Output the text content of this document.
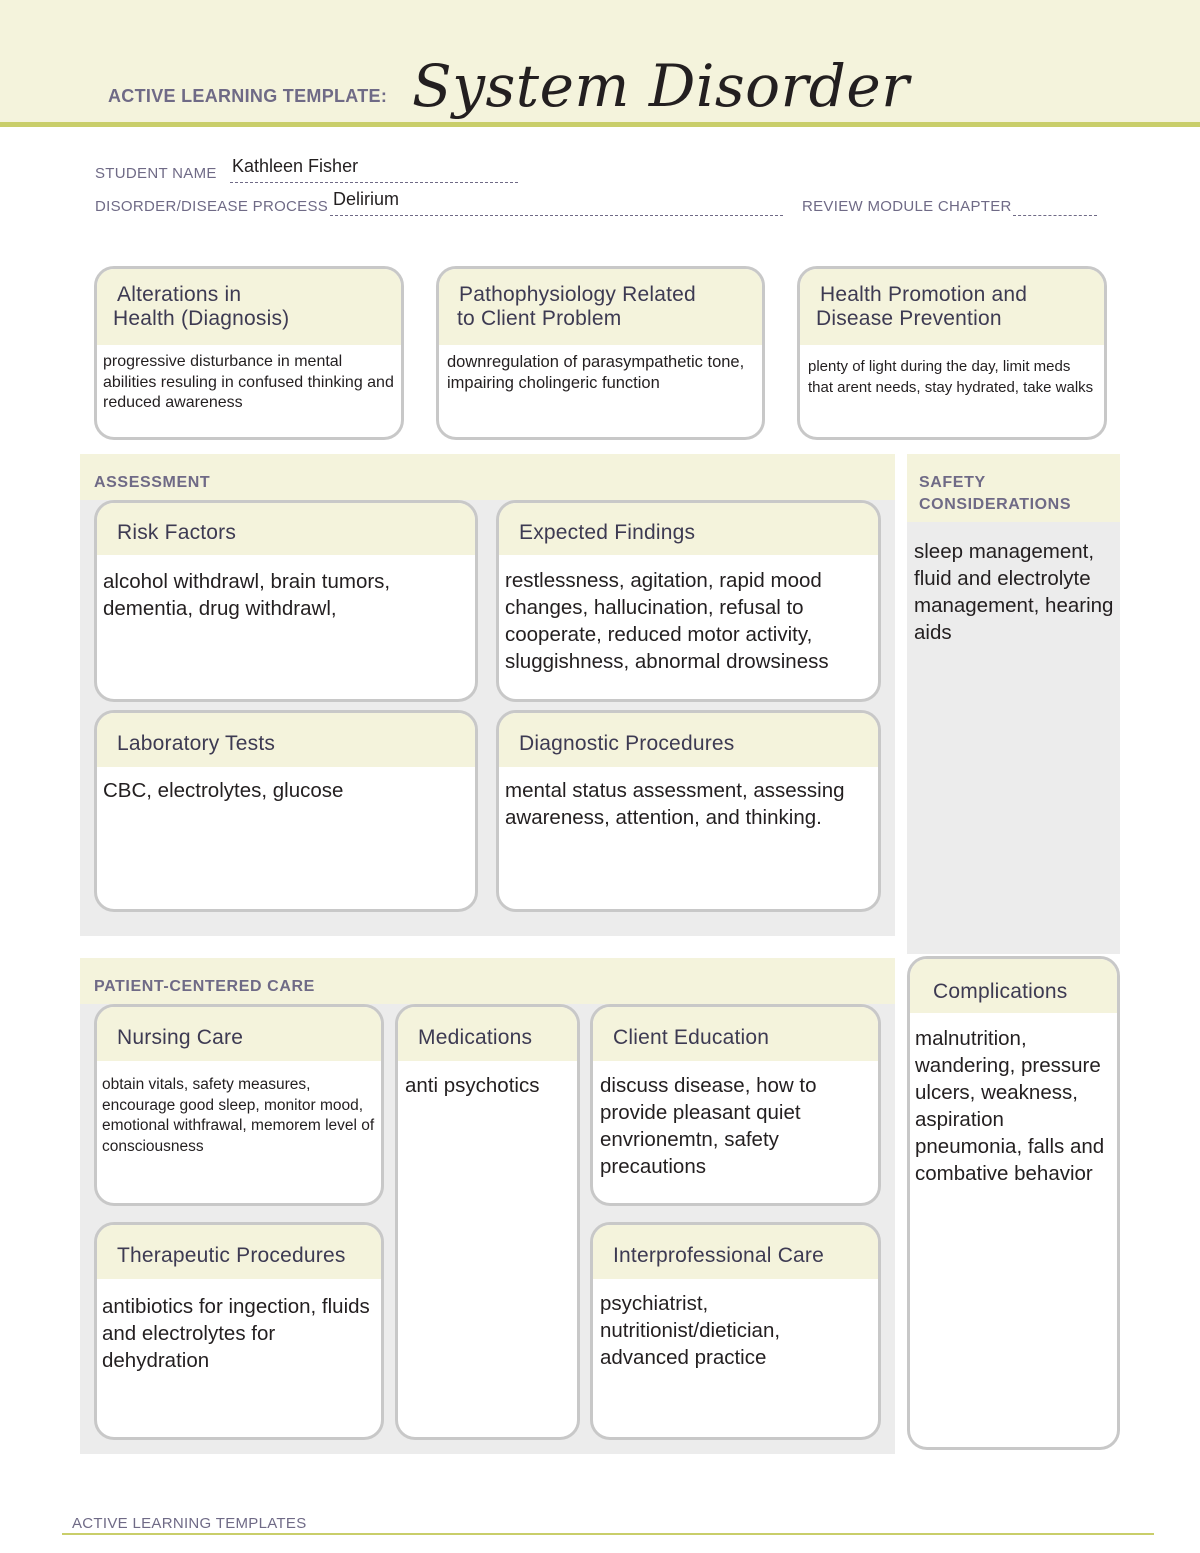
ACTIVE LEARNING TEMPLATE: System Disorder
STUDENT NAME Kathleen Fisher
DISORDER/DISEASE PROCESS Delirium	REVIEW MODULE CHAPTER
Alterations in
Health (Diagnosis)
progressive disturbance in mental abilities resuling in confused thinking and reduced awareness
Pathophysiology Related
to Client Problem
downregulation of parasympathetic tone, impairing cholingeric function
Health Promotion and
Disease Prevention
plenty of light during the day, limit meds that arent needs, stay hydrated, take walks
ASSESSMENT
Risk Factors
alcohol withdrawl, brain tumors, dementia, drug withdrawl,
Expected Findings
restlessness, agitation, rapid mood changes, hallucination, refusal to cooperate, reduced motor activity, sluggishness, abnormal drowsiness
Laboratory Tests
CBC, electrolytes, glucose
Diagnostic Procedures
mental status assessment, assessing awareness, attention, and thinking.
SAFETY
CONSIDERATIONS
sleep management, fluid and electrolyte management, hearing aids
PATIENT-CENTERED CARE
Nursing Care
obtain vitals, safety measures, encourage good sleep, monitor mood, emotional withfrawal, memorem level of consciousness
Medications
anti psychotics
Client Education
discuss disease, how to provide pleasant quiet envrionemtn, safety precautions
Therapeutic Procedures
antibiotics for ingection, fluids and electrolytes for dehydration
Interprofessional Care
psychiatrist, nutritionist/dietician, advanced practice
Complications
malnutrition, wandering, pressure ulcers, weakness, aspiration pneumonia, falls and combative behavior
ACTIVE LEARNING TEMPLATES
